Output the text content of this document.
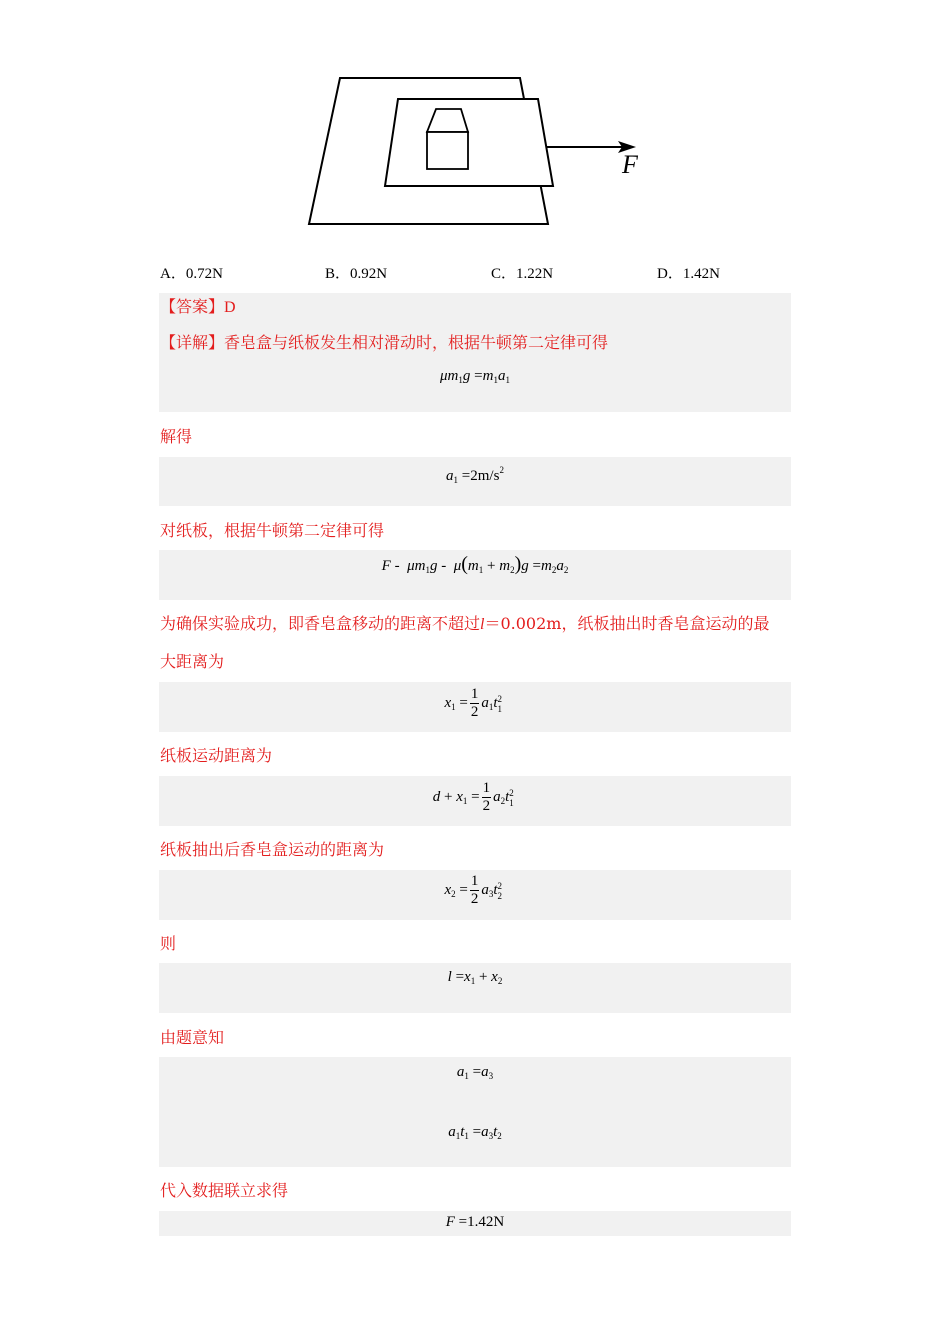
F
A．0.72N	B．0.92N	C．1.22N	D．1.42N
【答案】D
【详解】香皂盒与纸板发生相对滑动时，根据牛顿第二定律可得
$\mu m_1g =m_1a_1$
解得
$a_1 =2m/s^2$
对纸板，根据牛顿第二定律可得
$F - \mu m_1g - \mu(m_1 + m_2)g =m_2a_2$
为确保实验成功，即香皂盒移动的距离不超过l＝0.002m，纸板抽出时香皂盒运动的最
大距离为
$x_1 = \frac{1}{2} a_1t$ 2
1
纸板运动距离为
$d + x_1 = \frac{1}{2} a_2t$ 2
1
纸板抽出后香皂盒运动的距离为
$x_2 = \frac{1}{2} a_3t$ 2
2
则
$l =x_1 + x_2$
由题意知
$a_1 =a_3$
$a_1t_1 =a_3t_2$
代入数据联立求得
F =1.42N
